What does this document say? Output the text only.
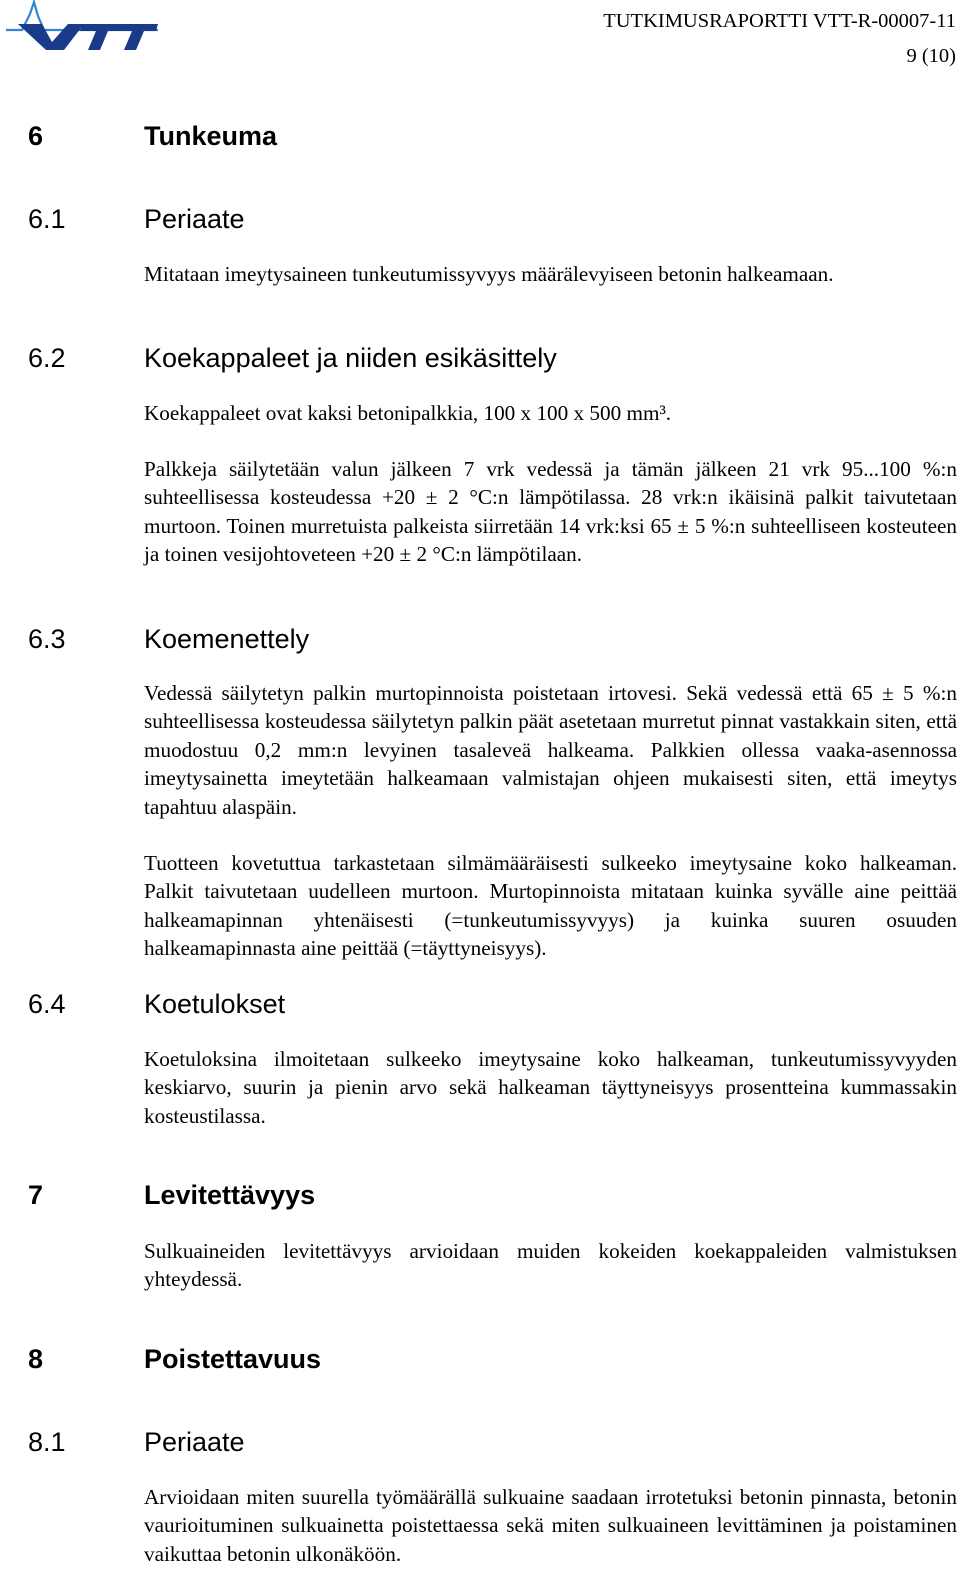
TUTKIMUSRAPORTTI VTT-R-00007-11
9 (10)
6	Tunkeuma
6.1	Periaate

Mitataan imeytysaineen tunkeutumissyvyys määrälevyiseen betonin halkeamaan.

6.2	Koekappaleet ja niiden esikäsittely

Koekappaleet ovat kaksi betonipalkkia, 100 x 100 x 500 mm³.

Palkkeja säilytetään valun jälkeen 7 vrk vedessä ja tämän jälkeen 21 vrk 95...100 %:n suhteellisessa kosteudessa +20 ± 2 °C:n lämpötilassa. 28 vrk:n ikäisinä palkit taivutetaan murtoon. Toinen murretuista palkeista siirretään 14 vrk:ksi 65 ± 5 %:n suhteelliseen kosteuteen ja toinen vesijohtoveteen +20 ± 2 °C:n lämpötilaan.

6.3	Koemenettely

Vedessä säilytetyn palkin murtopinnoista poistetaan irtovesi. Sekä vedessä että 65 ± 5 %:n suhteellisessa kosteudessa säilytetyn palkin päät asetetaan murretut pinnat vastakkain siten, että muodostuu 0,2 mm:n levyinen tasaleveä halkeama. Palkkien ollessa vaaka-asennossa imeytysainetta imeytetään halkeamaan valmistajan ohjeen mukaisesti siten, että imeytys tapahtuu alaspäin.

Tuotteen kovetuttua tarkastetaan silmämääräisesti sulkeeko imeytysaine koko halkeaman. Palkit taivutetaan uudelleen murtoon. Murtopinnoista mitataan kuinka syvälle aine peittää halkeamapinnan yhtenäisesti (=tunkeutumissyvyys) ja kuinka suuren osuuden halkeamapinnasta aine peittää (=täyttyneisyys).

6.4	Koetulokset

Koetuloksina ilmoitetaan sulkeeko imeytysaine koko halkeaman, tunkeutumissyvyyden keskiarvo, suurin ja pienin arvo sekä halkeaman täyttyneisyys prosentteina kummassakin kosteustilassa.

7	Levitettävyys

Sulkuaineiden levitettävyys arvioidaan muiden kokeiden koekappaleiden valmistuksen yhteydessä.

8	Poistettavuus
8.1	Periaate

Arvioidaan miten suurella työmäärällä sulkuaine saadaan irrotetuksi betonin pinnasta, betonin vaurioituminen sulkuainetta poistettaessa sekä miten sulkuaineen levittäminen ja poistaminen vaikuttaa betonin ulkonäköön.
